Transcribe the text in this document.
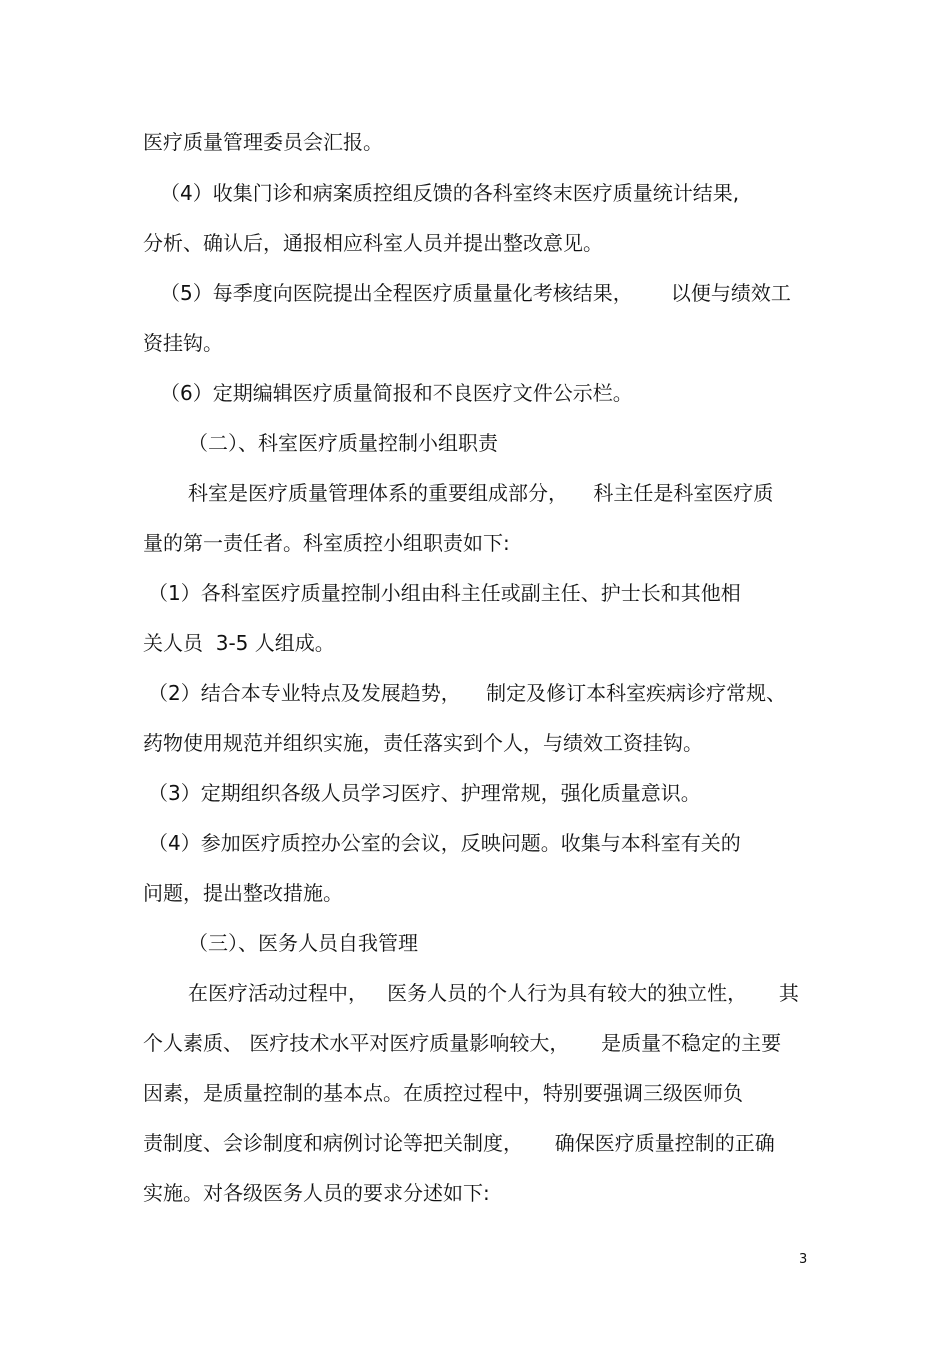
医疗质量管理委员会汇报。

（4）收集门诊和病案质控组反馈的各科室终末医疗质量统计结果,

分析、确认后，通报相应科室人员并提出整改意见。

（5）每季度向医院提出全程医疗质量量化考核结果，      以便与绩效工

资挂钩。

（6）定期编辑医疗质量简报和不良医疗文件公示栏。

（二）、科室医疗质量控制小组职责

科室是医疗质量管理体系的重要组成部分，    科主任是科室医疗质

量的第一责任者。科室质控小组职责如下:

（1）各科室医疗质量控制小组由科主任或副主任、护士长和其他相

关人员  3-5 人组成。

（2）结合本专业特点及发展趋势，    制定及修订本科室疾病诊疗常规、

药物使用规范并组织实施，责任落实到个人，与绩效工资挂钩。

（3）定期组织各级人员学习医疗、护理常规，强化质量意识。

（4）参加医疗质控办公室的会议，反映问题。收集与本科室有关的

问题，提出整改措施。

（三）、医务人员自我管理

在医疗活动过程中，   医务人员的个人行为具有较大的独立性，     其

个人素质、 医疗技术水平对医疗质量影响较大，     是质量不稳定的主要

因素，是质量控制的基本点。在质控过程中，特别要强调三级医师负

责制度、会诊制度和病例讨论等把关制度，     确保医疗质量控制的正确

实施。对各级医务人员的要求分述如下:

3
